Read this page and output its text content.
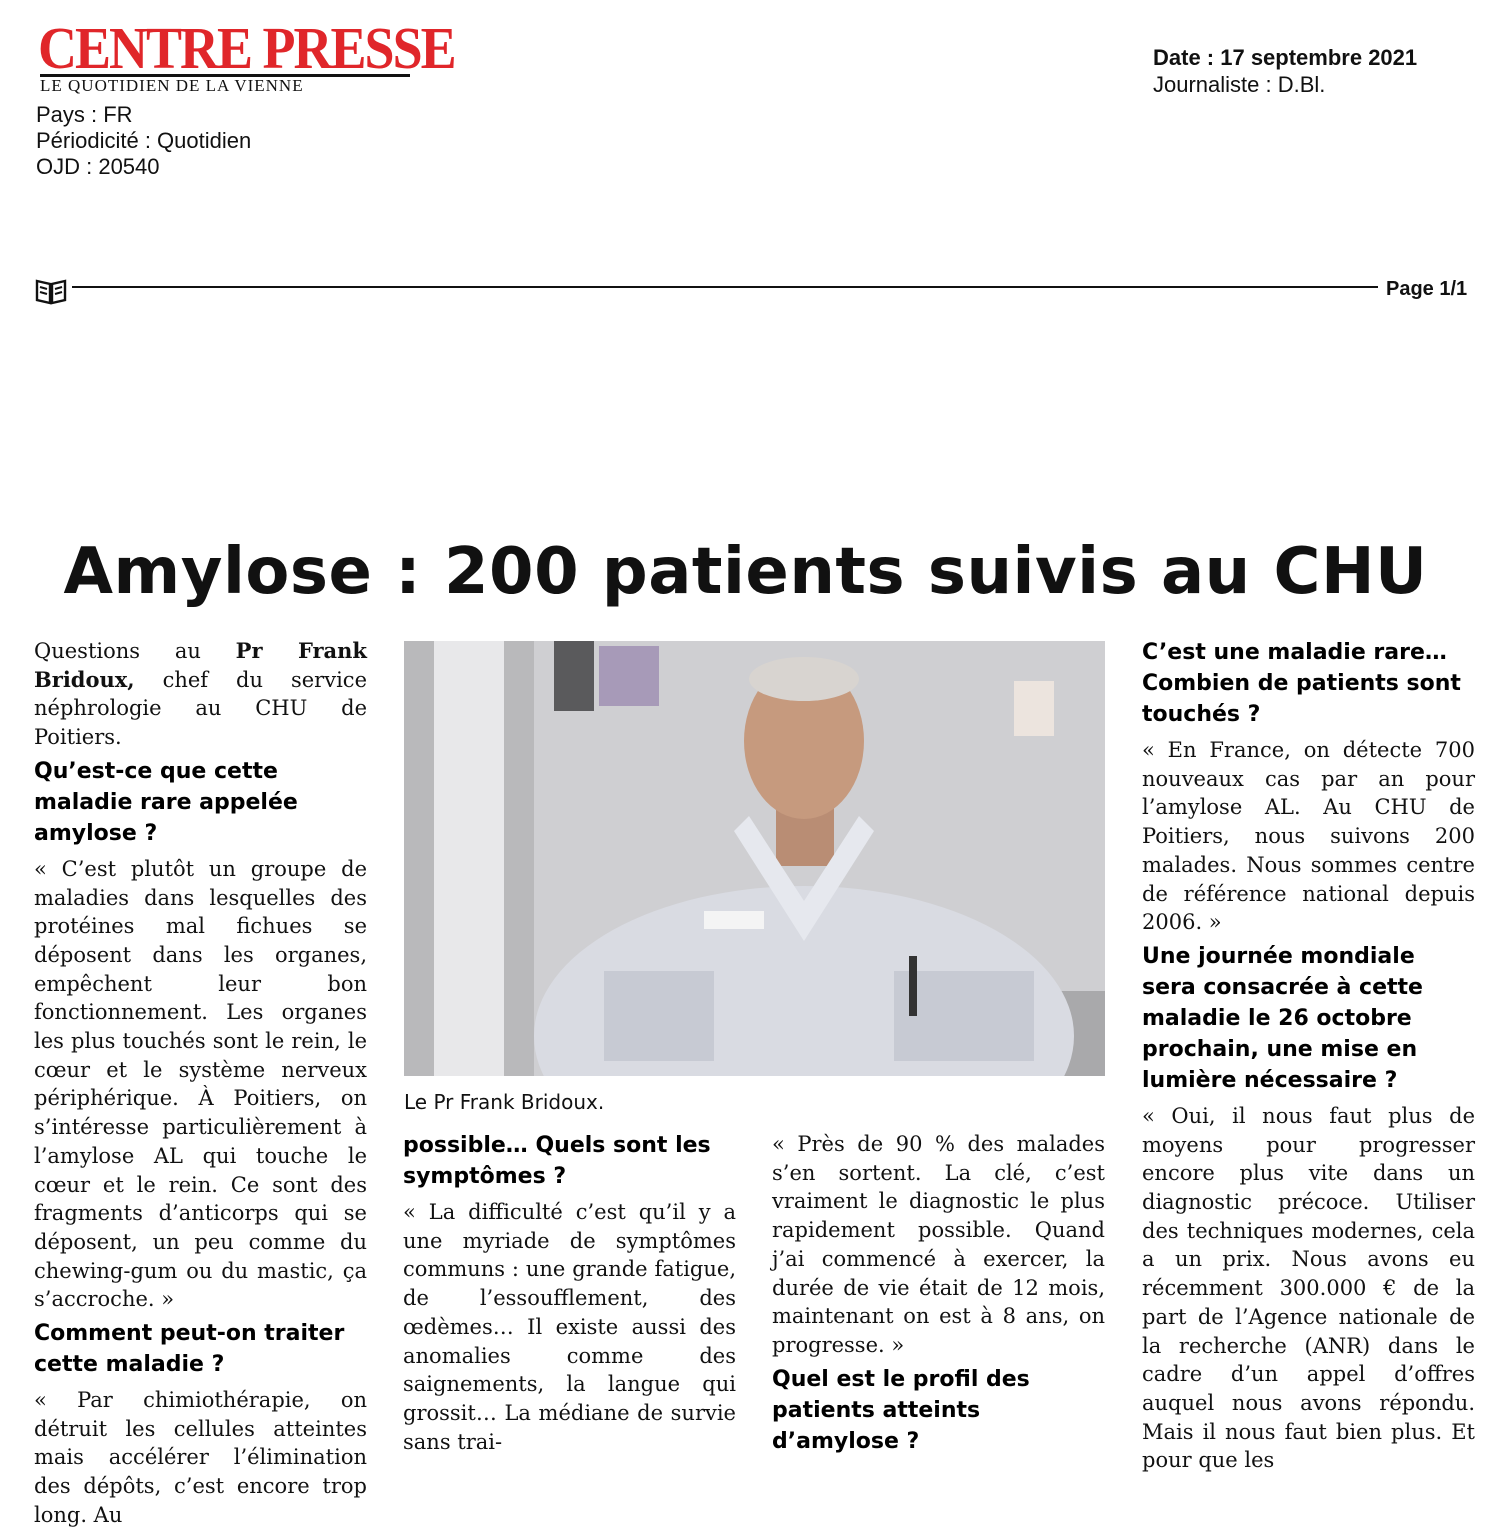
CENTRE PRESSE
LE QUOTIDIEN DE LA VIENNE
Pays : FR
Périodicité : Quotidien
OJD : 20540
Date : 17 septembre 2021
Journaliste : D.Bl.
Page 1/1
Amylose : 200 patients suivis au CHU

Questions au Pr Frank Bridoux, chef du service néphrologie au CHU de Poitiers.

Qu’est-ce que cette maladie rare appelée amylose ?

« C’est plutôt un groupe de maladies dans lesquelles des protéines mal fichues se déposent dans les organes, empêchent leur bon fonctionnement. Les organes les plus touchés sont le rein, le cœur et le système nerveux périphérique. À Poitiers, on s’intéresse particulièrement à l’amylose AL qui touche le cœur et le rein. Ce sont des fragments d’anticorps qui se déposent, un peu comme du chewing-gum ou du mastic, ça s’accroche. »

Comment peut-on traiter cette maladie ?

« Par chimiothérapie, on détruit les cellules atteintes mais accélérer l’élimination des dépôts, c’est encore trop long. Au

Le Pr Frank Bridoux.
possible… Quels sont les symptômes ?

« La difficulté c’est qu’il y a une myriade de symptômes communs : une grande fatigue, de l’essoufflement, des œdèmes… Il existe aussi des anomalies comme des saignements, la langue qui grossit… La médiane de survie sans trai-

« Près de 90 % des malades s’en sortent. La clé, c’est vraiment le diagnostic le plus rapidement possible. Quand j’ai commencé à exercer, la durée de vie était de 12 mois, maintenant on est à 8 ans, on progresse. »

Quel est le profil des patients atteints d’amylose ?
C’est une maladie rare… Combien de patients sont touchés ?

« En France, on détecte 700 nouveaux cas par an pour l’amylose AL. Au CHU de Poitiers, nous suivons 200 malades. Nous sommes centre de référence national depuis 2006. »

Une journée mondiale sera consacrée à cette maladie le 26 octobre prochain, une mise en lumière nécessaire ?

« Oui, il nous faut plus de moyens pour progresser encore plus vite dans un diagnostic précoce. Utiliser des techniques modernes, cela a un prix. Nous avons eu récemment 300.000 € de la part de l’Agence nationale de la recherche (ANR) dans le cadre d’un appel d’offres auquel nous avons répondu. Mais il nous faut bien plus. Et pour que les
